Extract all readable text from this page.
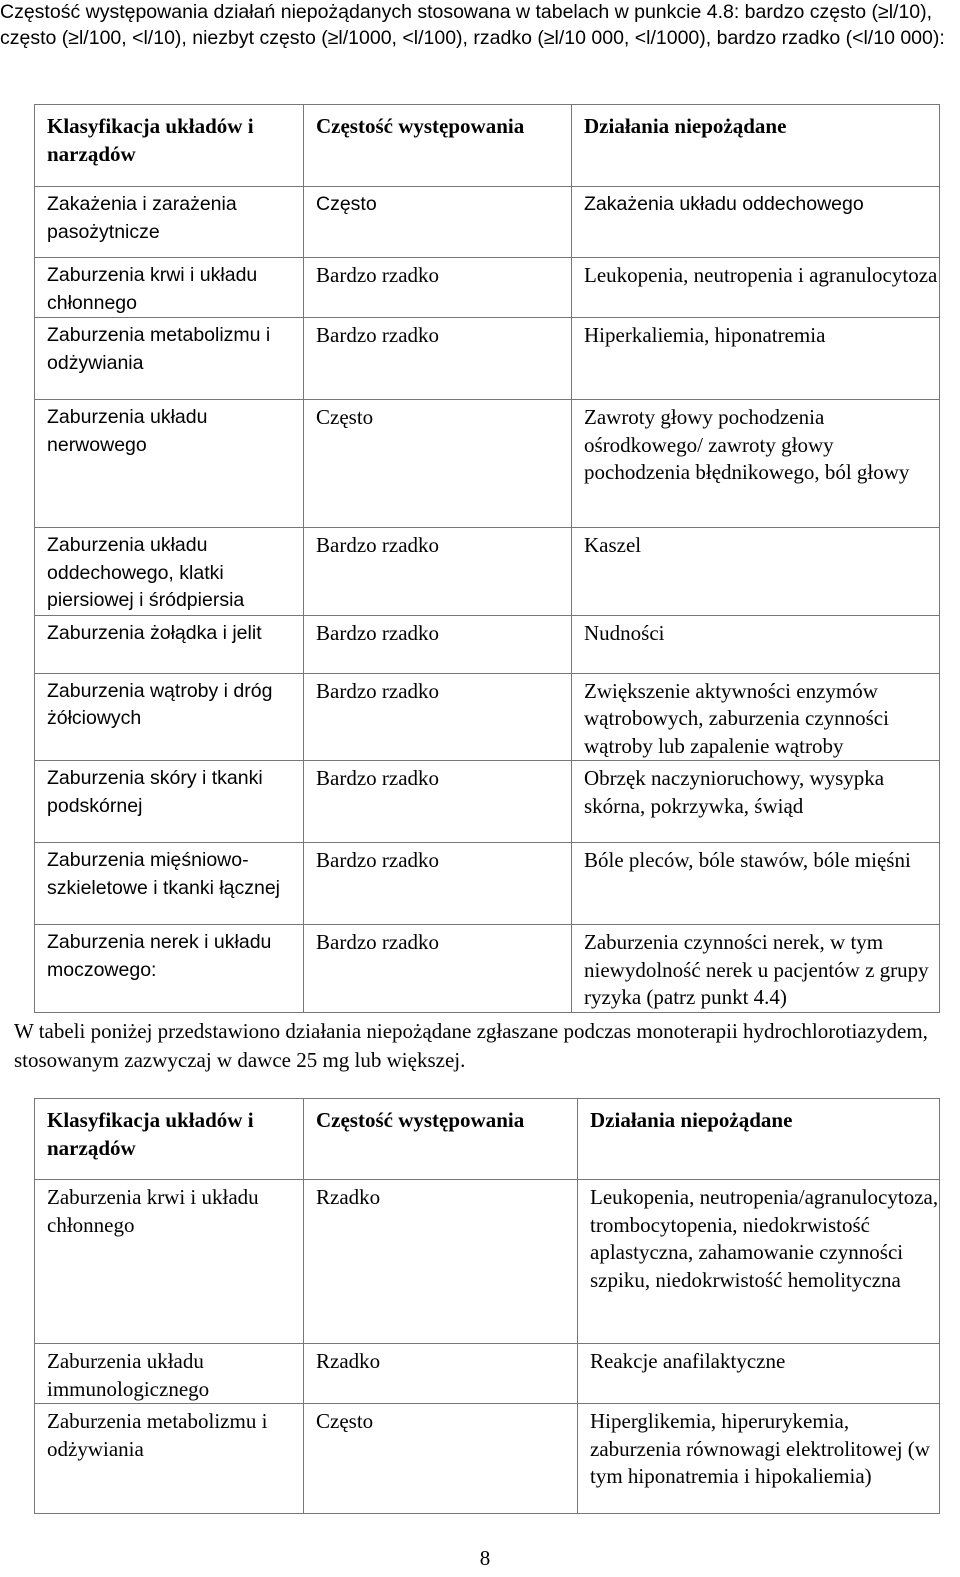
Częstość występowania działań niepożądanych stosowana w tabelach w punkcie 4.8: bardzo często (≥l/10), często (≥l/100, <l/10), niezbyt często (≥l/1000, <l/100), rzadko (≥l/10 000, <l/1000), bardzo rzadko (<l/10 000):
Klasyfikacja układów i narządów	Częstość występowania	Działania niepożądane
Zakażenia i zarażenia pasożytnicze	Często	Zakażenia układu oddechowego
Zaburzenia krwi i układu chłonnego	Bardzo rzadko	Leukopenia, neutropenia i agranulocytoza
Zaburzenia metabolizmu i odżywiania	Bardzo rzadko	Hiperkaliemia, hiponatremia
Zaburzenia układu nerwowego	Często	Zawroty głowy pochodzenia ośrodkowego/ zawroty głowy pochodzenia błędnikowego, ból głowy
Zaburzenia układu oddechowego, klatki piersiowej i śródpiersia	Bardzo rzadko	Kaszel
Zaburzenia żołądka i jelit	Bardzo rzadko	Nudności
Zaburzenia wątroby i dróg żółciowych	Bardzo rzadko	Zwiększenie aktywności enzymów wątrobowych, zaburzenia czynności wątroby lub zapalenie wątroby
Zaburzenia skóry i tkanki podskórnej	Bardzo rzadko	Obrzęk naczynioruchowy, wysypka skórna, pokrzywka, świąd
Zaburzenia mięśniowo-szkieletowe i tkanki łącznej	Bardzo rzadko	Bóle pleców, bóle stawów, bóle mięśni
Zaburzenia nerek i układu moczowego:	Bardzo rzadko	Zaburzenia czynności nerek, w tym niewydolność nerek u pacjentów z grupy ryzyka (patrz punkt 4.4)
W tabeli poniżej przedstawiono działania niepożądane zgłaszane podczas monoterapii hydrochlorotiazydem, stosowanym zazwyczaj w dawce 25 mg lub większej.
Klasyfikacja układów i narządów	Częstość występowania	Działania niepożądane
Zaburzenia krwi i układu chłonnego	Rzadko	Leukopenia, neutropenia/agranulocytoza, trombocytopenia, niedokrwistość aplastyczna, zahamowanie czynności szpiku, niedokrwistość hemolityczna
Zaburzenia układu immunologicznego	Rzadko	Reakcje anafilaktyczne
Zaburzenia metabolizmu i odżywiania	Często	Hiperglikemia, hiperurykemia, zaburzenia równowagi elektrolitowej (w tym hiponatremia i hipokaliemia)
8
